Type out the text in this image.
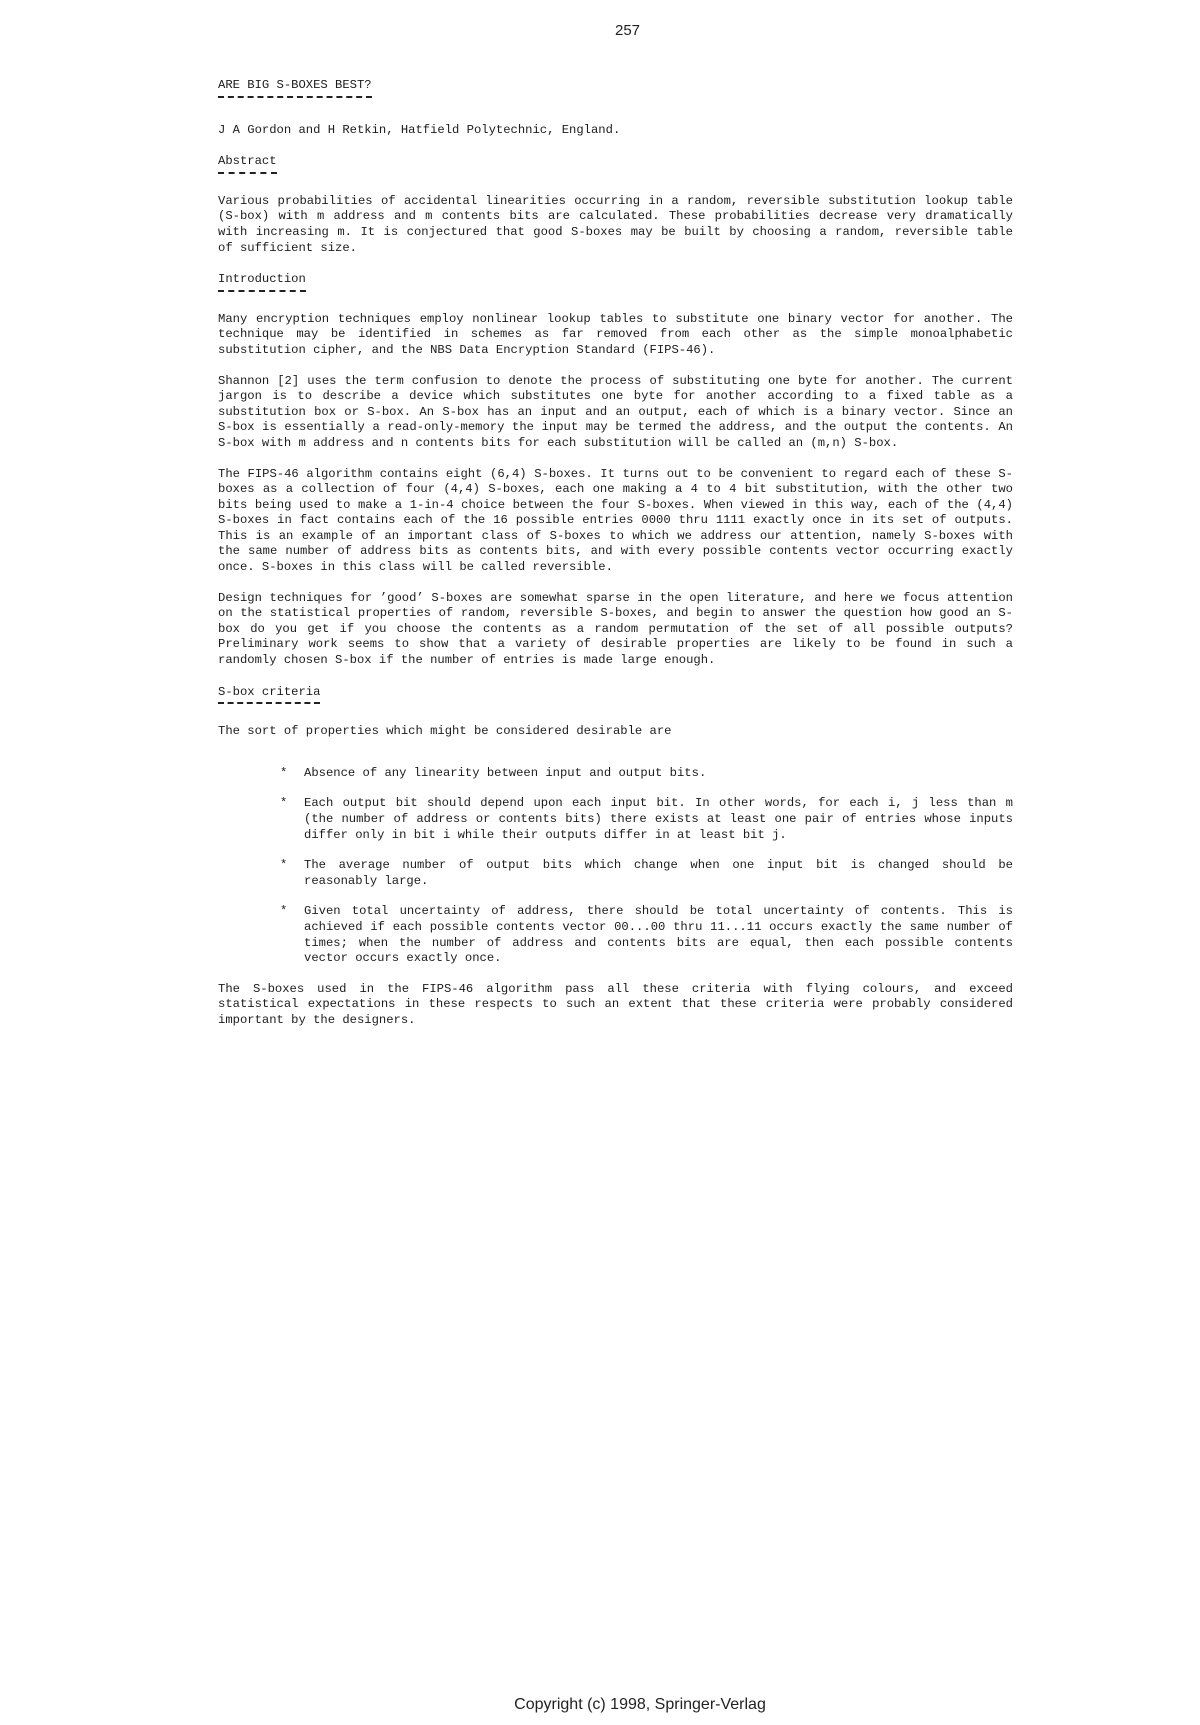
257
ARE BIG S-BOXES BEST?

J A Gordon and H Retkin, Hatfield Polytechnic, England.

Abstract

Various probabilities of accidental linearities occurring in a random, reversible substitution lookup table (S-box) with m address and m contents bits are calculated. These probabilities decrease very dramatically with increasing m. It is conjectured that good S-boxes may be built by choosing a random, reversible table of sufficient size.

Introduction

Many encryption techniques employ nonlinear lookup tables to substitute one binary vector for another. The technique may be identified in schemes as far removed from each other as the simple monoalphabetic substitution cipher, and the NBS Data Encryption Standard (FIPS-46).

Shannon [2] uses the term confusion to denote the process of substituting one byte for another. The current jargon is to describe a device which substitutes one byte for another according to a fixed table as a substitution box or S-box. An S-box has an input and an output, each of which is a binary vector. Since an S-box is essentially a read-only-memory the input may be termed the address, and the output the contents. An S-box with m address and n contents bits for each substitution will be called an (m,n) S-box.

The FIPS-46 algorithm contains eight (6,4) S-boxes. It turns out to be convenient to regard each of these S-boxes as a collection of four (4,4) S-boxes, each one making a 4 to 4 bit substitution, with the other two bits being used to make a 1-in-4 choice between the four S-boxes. When viewed in this way, each of the (4,4) S-boxes in fact contains each of the 16 possible entries 0000 thru 1111 exactly once in its set of outputs. This is an example of an important class of S-boxes to which we address our attention, namely S-boxes with the same number of address bits as contents bits, and with every possible contents vector occurring exactly once. S-boxes in this class will be called reversible.

Design techniques for ’good’ S-boxes are somewhat sparse in the open literature, and here we focus attention on the statistical properties of random, reversible S-boxes, and begin to answer the question how good an S-box do you get if you choose the contents as a random permutation of the set of all possible outputs? Preliminary work seems to show that a variety of desirable properties are likely to be found in such a randomly chosen S-box if the number of entries is made large enough.

S-box criteria

The sort of properties which might be considered desirable are

* Absence of any linearity between input and output bits.
* Each output bit should depend upon each input bit. In other words, for each i, j less than m (the number of address or contents bits) there exists at least one pair of entries whose inputs differ only in bit i while their outputs differ in at least bit j.
* The average number of output bits which change when one input bit is changed should be reasonably large.
* Given total uncertainty of address, there should be total uncertainty of contents. This is achieved if each possible contents vector 00...00 thru 11...11 occurs exactly the same number of times; when the number of address and contents bits are equal, then each possible contents vector occurs exactly once.

The S-boxes used in the FIPS-46 algorithm pass all these criteria with flying colours, and exceed statistical expectations in these respects to such an extent that these criteria were probably considered important by the designers.

Copyright (c) 1998, Springer-Verlag
